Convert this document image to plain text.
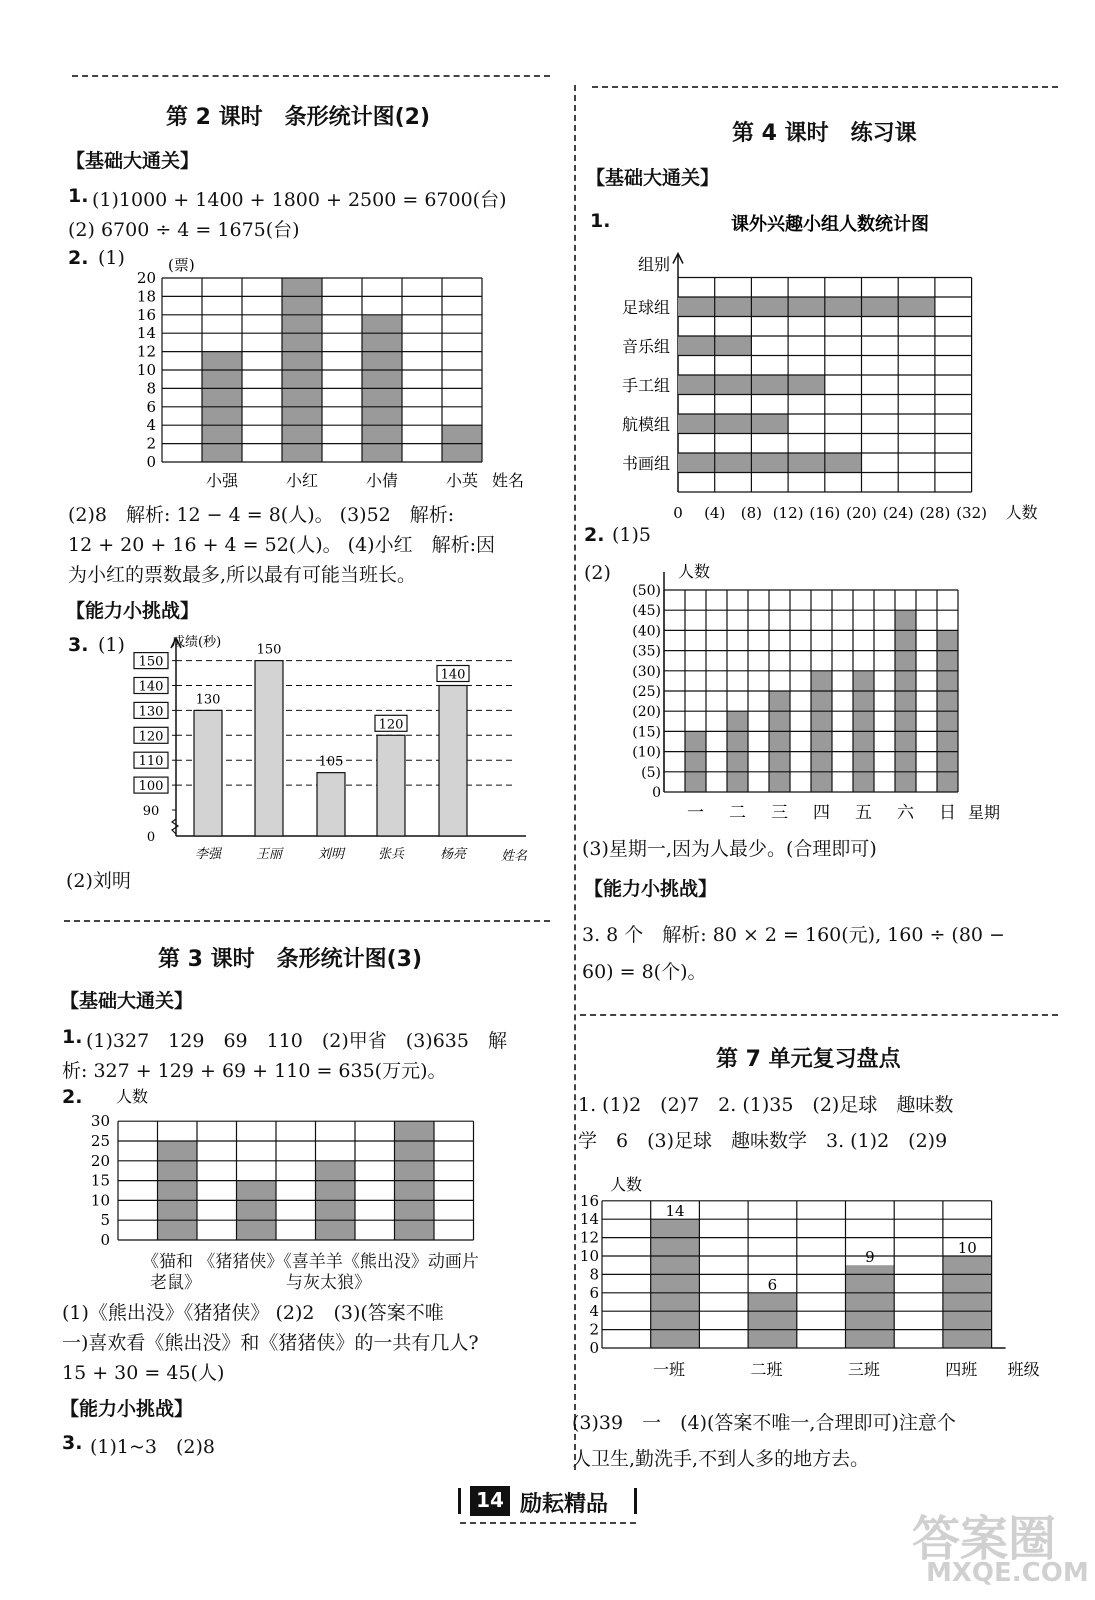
第 2 课时　条形统计图(2)
【基础大通关】
1. (1)1000 + 1400 + 1800 + 2500 = 6700(台)
(2) 6700 ÷ 4 = 1675(台)
2. (1)	(票)
0
2
4
6
8
10
12
14
16
18
20
小强	小红	小倩	小英 姓名
(2)8　解析: 12 − 4 = 8(人)。 (3)52　解析:
12 + 20 + 16 + 4 = 52(人)。 (4)小红　解析:因
为小红的票数最多,所以最有可能当班长。
【能力小挑战】
3. (1)	成绩(秒)
150
140
130
120
110
100
90
0
130
李强
150
王丽
105
刘明
120
张兵
140
杨亮	姓名
(2)刘明
第 3 课时　条形统计图(3)
【基础大通关】
1. (1)327　129　69　110　(2)甲省　(3)635　解
析: 327 + 129 + 69 + 110 = 635(万元)。
2. 人数
0
5
10
15
20
25
30
《猫和 《猪猪侠》《喜羊羊《熊出没》动画片
老鼠》	与灰太狼》
(1)《熊出没》《猪猪侠》 (2)2　(3)(答案不唯
一)喜欢看《熊出没》和《猪猪侠》的一共有几人?
15 + 30 = 45(人)
【能力小挑战】
3. (1)1~3　(2)8
第 4 课时　练习课
【基础大通关】
1.	课外兴趣小组人数统计图
组别
足球组
音乐组
手工组
航模组
书画组
0 (4) (8) (12) (16) (20) (24) (28) (32) 人数
2. (1)5
(2)	人数
0
(5)
(10)
(15)
(20)
(25)
(30)
(35)
(40)
(45)
(50)
一 二 三 四 五 六 日 星期
(3)星期一,因为人最少。(合理即可)
【能力小挑战】
3. 8 个　解析: 80 × 2 = 160(元), 160 ÷ (80 −
60) = 8(个)。
第 7 单元复习盘点
1. (1)2　(2)7　2. (1)35　(2)足球　趣味数
学　6　(3)足球　趣味数学　3. (1)2　(2)9
人数
14
一班
6
二班
9
三班
10
四班
0
2
4
6
8
10
12
14
16
班级
(3)39　一　(4)(答案不唯一,合理即可)注意个
人卫生,勤洗手,不到人多的地方去。
14 励耘精品
答案圈
MXQE.COM
